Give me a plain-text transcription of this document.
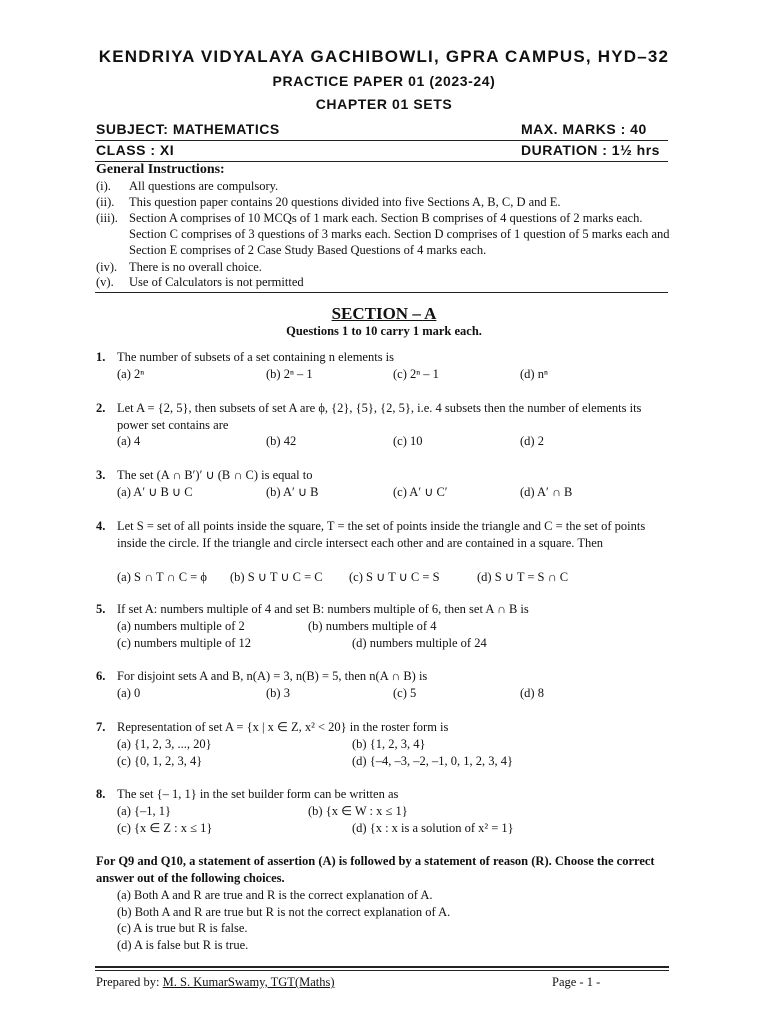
KENDRIYA VIDYALAYA GACHIBOWLI, GPRA CAMPUS, HYD–32
PRACTICE PAPER 01 (2023-24)
CHAPTER 01 SETS
SUBJECT: MATHEMATICS	MAX. MARKS : 40
CLASS : XI	DURATION : 1½ hrs
General Instructions:
(i). All questions are compulsory.
(ii). This question paper contains 20 questions divided into five Sections A, B, C, D and E.
(iii). Section A comprises of 10 MCQs of 1 mark each. Section B comprises of 4 questions of 2 marks each. Section C comprises of 3 questions of 3 marks each. Section D comprises of 1 question of 5 marks each and Section E comprises of 2 Case Study Based Questions of 4 marks each.
(iv). There is no overall choice.
(v). Use of Calculators is not permitted
SECTION – A
Questions 1 to 10 carry 1 mark each.
1. The number of subsets of a set containing n elements is
(a) 2ⁿ	(b) 2ⁿ – 1	(c) 2ⁿ – 1	(d) nⁿ
2. Let A = {2, 5}, then subsets of set A are ϕ, {2}, {5}, {2, 5}, i.e. 4 subsets then the number of elements its power set contains are
(a) 4	(b) 42	(c) 10	(d) 2
3. The set (A ∩ B′)′ ∪ (B ∩ C) is equal to
(a) A′ ∪ B ∪ C	(b) A′ ∪ B	(c) A′ ∪ C′	(d) A′ ∩ B
4. Let S = set of all points inside the square, T = the set of points inside the triangle and C = the set of points inside the circle. If the triangle and circle intersect each other and are contained in a square. Then
(a) S ∩ T ∩ C = ϕ (b) S ∪ T ∪ C = C (c) S ∪ T ∪ C = S	(d) S ∪ T = S ∩ C
5. If set A: numbers multiple of 4 and set B: numbers multiple of 6, then set A ∩ B is
(a) numbers multiple of 2	(b) numbers multiple of 4
(c) numbers multiple of 12	(d) numbers multiple of 24
6. For disjoint sets A and B, n(A) = 3, n(B) = 5, then n(A ∩ B) is
(a) 0	(b) 3	(c) 5	(d) 8
7. Representation of set A = {x | x ∈ Z, x² < 20} in the roster form is
(a) {1, 2, 3, ..., 20}	(b) {1, 2, 3, 4}
(c) {0, 1, 2, 3, 4}	(d) {–4, –3, –2, –1, 0, 1, 2, 3, 4}
8. The set {– 1, 1} in the set builder form can be written as
(a) {–1, 1}	(b) {x ∈ W : x ≤ 1}
(c) {x ∈ Z : x ≤ 1}	(d) {x : x is a solution of x² = 1}
For Q9 and Q10, a statement of assertion (A) is followed by a statement of reason (R). Choose the correct answer out of the following choices.
(a) Both A and R are true and R is the correct explanation of A.
(b) Both A and R are true but R is not the correct explanation of A.
(c) A is true but R is false.
(d) A is false but R is true.
Prepared by: M. S. KumarSwamy, TGT(Maths)	Page - 1 -
